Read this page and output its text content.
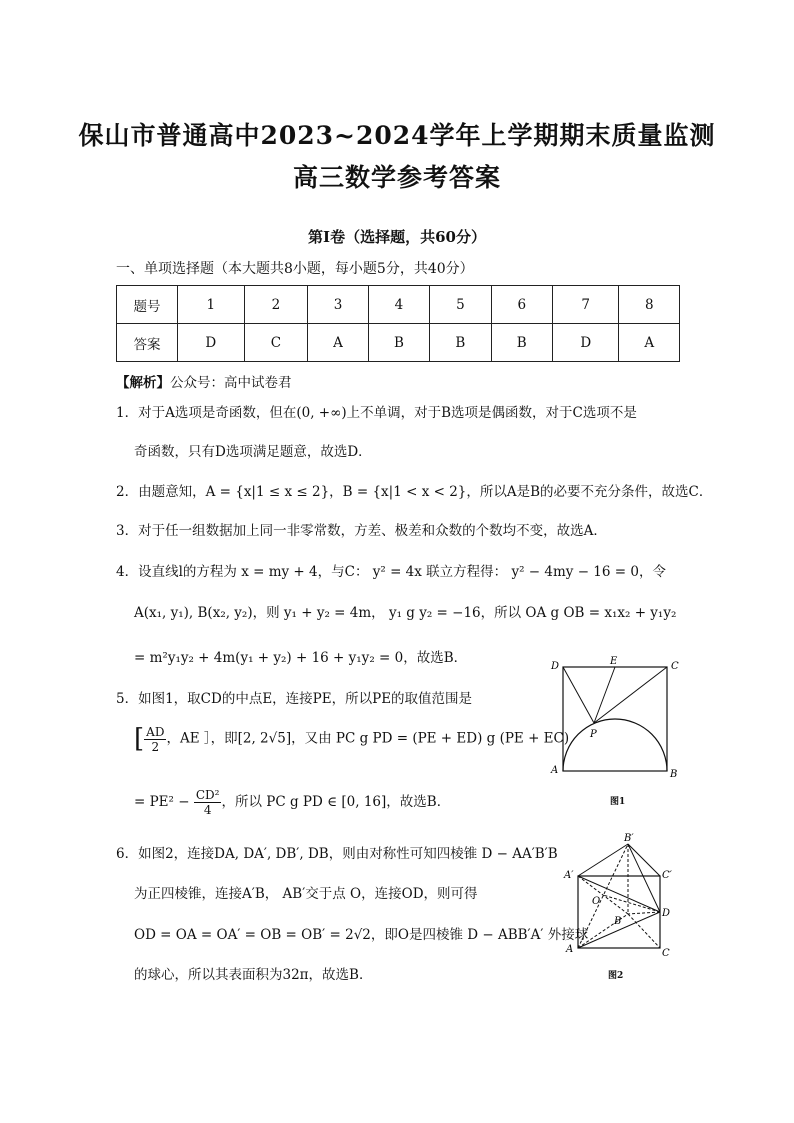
保山市普通高中2023~2024学年上学期期末质量监测
高三数学参考答案
第Ⅰ卷（选择题，共60分）
一、单项选择题（本大题共8小题，每小题5分，共40分）
题号	1	2	3	4	5	6	7	8
答案	D	C	A	B	B	B	D	A
【解析】公众号：高中试卷君
1．对于A选项是奇函数，但在(0, +∞)上不单调，对于B选项是偶函数，对于C选项不是
奇函数，只有D选项满足题意，故选D．
2．由题意知，A = {x|1 ≤ x ≤ 2}，B = {x|1 < x < 2}，所以A是B的必要不充分条件，故选C．
3．对于任一组数据加上同一非零常数，方差、极差和众数的个数均不变，故选A．
4．设直线l的方程为 x = my + 4，与C： y² = 4x 联立方程得： y² − 4my − 16 = 0，令
A(x₁, y₁), B(x₂, y₂)，则 y₁ + y₂ = 4m， y₁ g y₂ = −16，所以 OA g OB = x₁x₂ + y₁y₂
= m²y₁y₂ + 4m(y₁ + y₂) + 16 + y₁y₂ = 0，故选B．
5．如图1，取CD的中点E，连接PE，所以PE的取值范围是
[ $\frac{AD}{2}$ ，AE ］，即[2, 2√5]，又由 PC g PD = (PE + ED) g (PE + EC)
= $PE^2 - \frac{\text{CD²}}{4}$ ，所以 PC g PD ∈ [0, 16]，故选B．
6．如图2，连接DA, DA′, DB′, DB，则由对称性可知四棱锥 D − AA′B′B
为正四棱锥，连接A′B， AB′交于点 O，连接OD，则可得
OD = OA = OA′ = OB = OB′ = 2√2，即O是四棱锥 D − ABB′A′ 外接球
的球心，所以其表面积为32π，故选B．
D	E	C
P
A	B
图1
B′
A′	C′
O
B
D
A	C
图2
